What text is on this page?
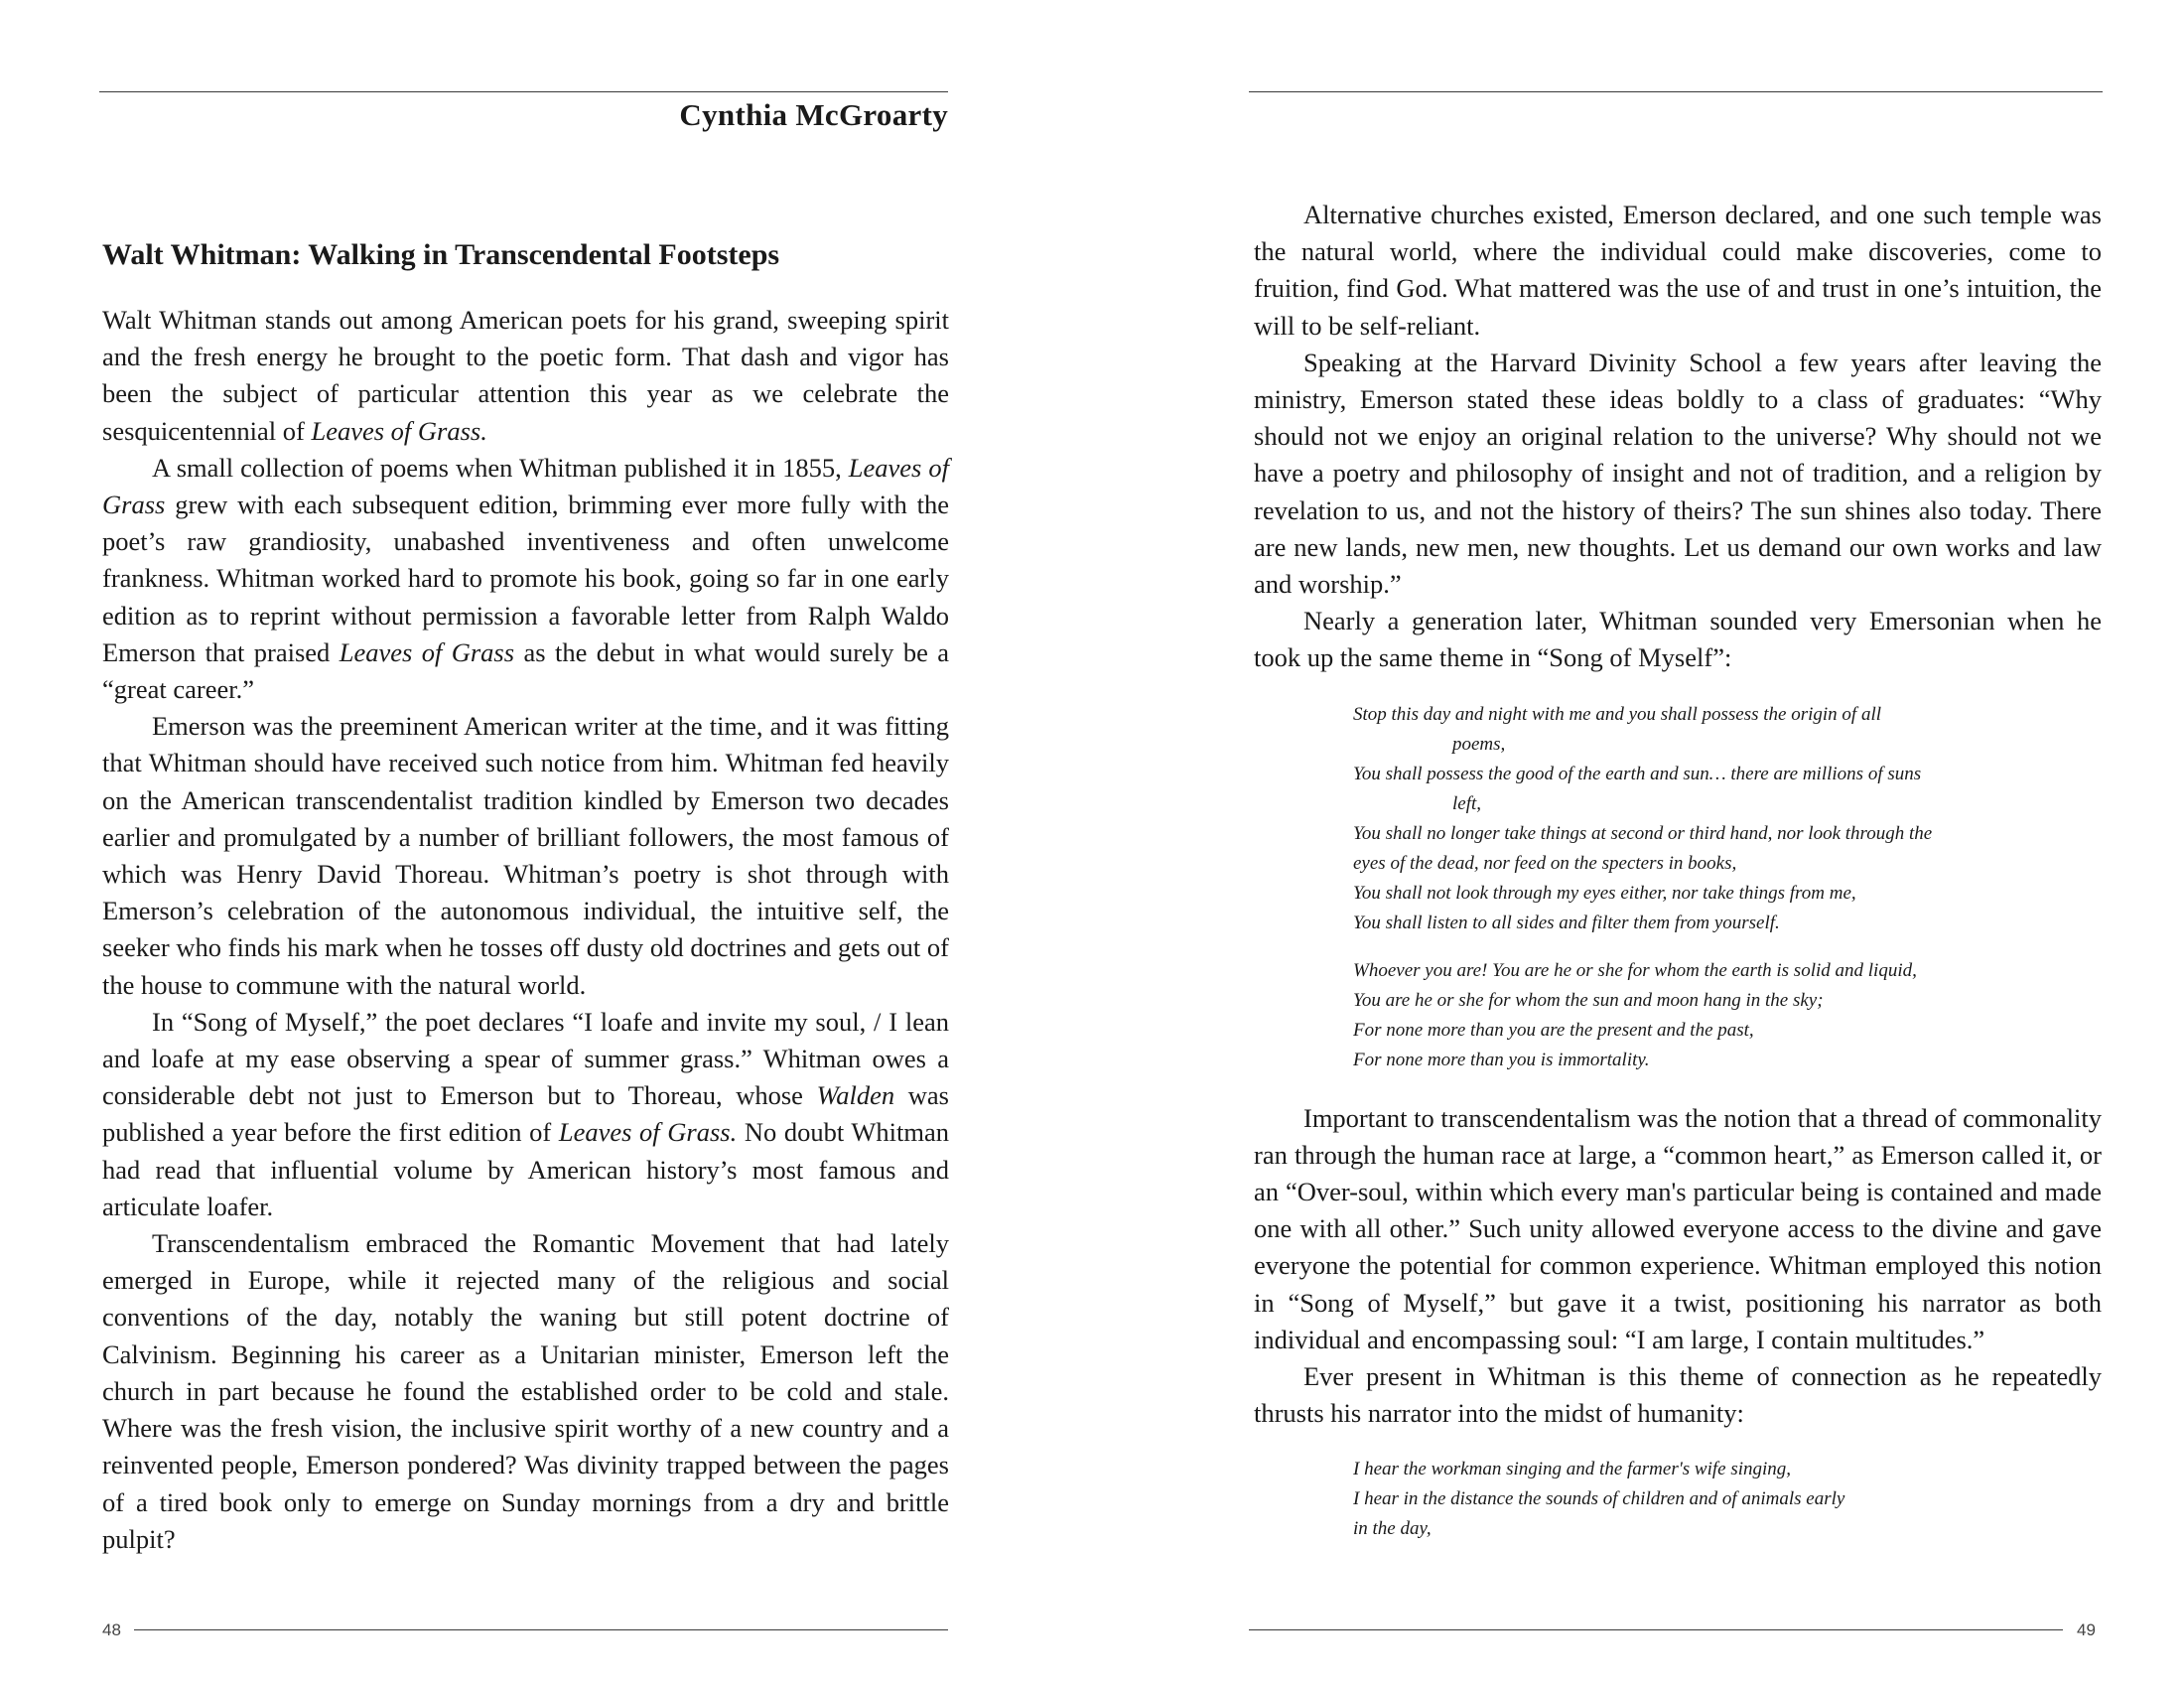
Cynthia McGroarty
Walt Whitman: Walking in Transcendental Footsteps

Walt Whitman stands out among American poets for his grand, sweeping spirit and the fresh energy he brought to the poetic form. That dash and vigor has been the subject of particular attention this year as we celebrate the sesquicentennial of Leaves of Grass.

A small collection of poems when Whitman published it in 1855, Leaves of Grass grew with each subsequent edition, brimming ever more fully with the poet’s raw grandiosity, unabashed inventiveness and often unwelcome frankness. Whitman worked hard to promote his book, going so far in one early edition as to reprint without permission a favorable letter from Ralph Waldo Emerson that praised Leaves of Grass as the debut in what would surely be a “great career.”

Emerson was the preeminent American writer at the time, and it was fitting that Whitman should have received such notice from him. Whitman fed heavily on the American transcendentalist tradition kindled by Emerson two decades earlier and promulgated by a number of brilliant followers, the most famous of which was Henry David Thoreau. Whitman’s poetry is shot through with Emerson’s celebration of the autonomous individual, the intuitive self, the seeker who finds his mark when he tosses off dusty old doctrines and gets out of the house to commune with the natural world.

In “Song of Myself,” the poet declares “I loafe and invite my soul, / I lean and loafe at my ease observing a spear of summer grass.” Whitman owes a considerable debt not just to Emerson but to Thoreau, whose Walden was published a year before the first edition of Leaves of Grass. No doubt Whitman had read that influential volume by American history’s most famous and articulate loafer.

Transcendentalism embraced the Romantic Movement that had lately emerged in Europe, while it rejected many of the religious and social conventions of the day, notably the waning but still potent doctrine of Calvinism. Beginning his career as a Unitarian minister, Emerson left the church in part because he found the established order to be cold and stale. Where was the fresh vision, the inclusive spirit worthy of a new country and a reinvented people, Emerson pondered? Was divinity trapped between the pages of a tired book only to emerge on Sunday mornings from a dry and brittle pulpit?

48

Alternative churches existed, Emerson declared, and one such temple was the natural world, where the individual could make discoveries, come to fruition, find God. What mattered was the use of and trust in one’s intuition, the will to be self-reliant.

Speaking at the Harvard Divinity School a few years after leaving the ministry, Emerson stated these ideas boldly to a class of graduates: “Why should not we enjoy an original relation to the universe? Why should not we have a poetry and philosophy of insight and not of tradition, and a religion by revelation to us, and not the history of theirs? The sun shines also today. There are new lands, new men, new thoughts. Let us demand our own works and law and worship.”

Nearly a generation later, Whitman sounded very Emersonian when he took up the same theme in “Song of Myself”:

Stop this day and night with me and you shall possess the origin of all
poems,
You shall possess the good of the earth and sun… there are millions of suns
left,
You shall no longer take things at second or third hand, nor look through the
eyes of the dead, nor feed on the specters in books,
You shall not look through my eyes either, nor take things from me,
You shall listen to all sides and filter them from yourself.
Whoever you are! You are he or she for whom the earth is solid and liquid,
You are he or she for whom the sun and moon hang in the sky;
For none more than you are the present and the past,
For none more than you is immortality.

Important to transcendentalism was the notion that a thread of commonality ran through the human race at large, a “common heart,” as Emerson called it, or an “Over-soul, within which every man's particular being is contained and made one with all other.” Such unity allowed everyone access to the divine and gave everyone the potential for common experience. Whitman employed this notion in “Song of Myself,” but gave it a twist, positioning his narrator as both individual and encompassing soul: “I am large, I contain multitudes.”

Ever present in Whitman is this theme of connection as he repeatedly thrusts his narrator into the midst of humanity:

I hear the workman singing and the farmer's wife singing,
I hear in the distance the sounds of children and of animals early
in the day,
49
